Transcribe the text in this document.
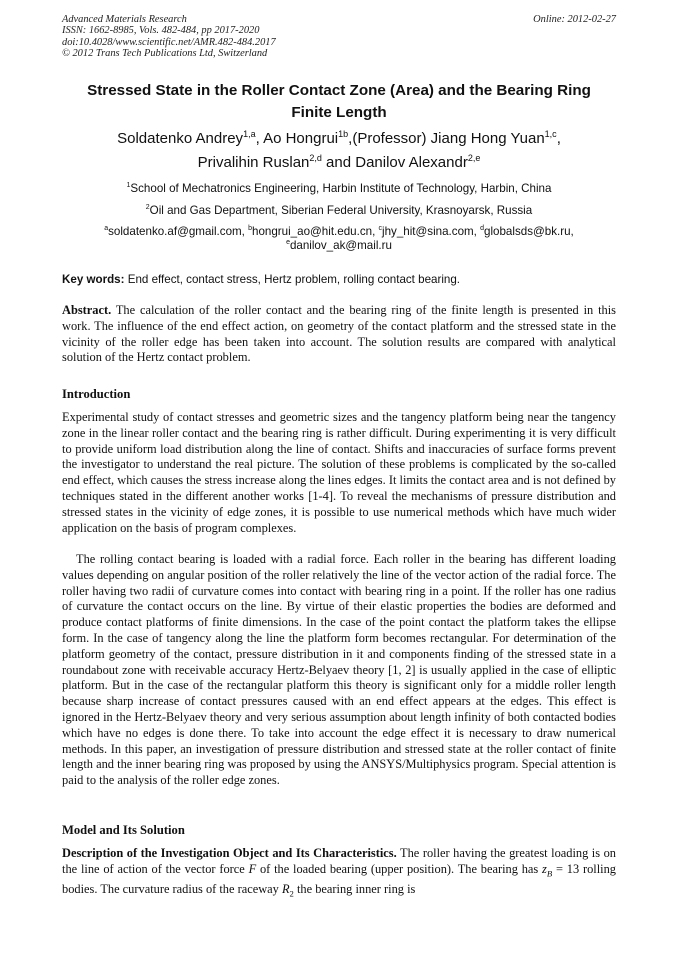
Advanced Materials Research
ISSN: 1662-8985, Vols. 482-484, pp 2017-2020
doi:10.4028/www.scientific.net/AMR.482-484.2017
© 2012 Trans Tech Publications Ltd, Switzerland
Online: 2012-02-27
Stressed State in the Roller Contact Zone (Area) and the Bearing Ring
Finite Length
Soldatenko Andrey$^{1,a}$, Ao Hongrui$^{1b}$,(Professor) Jiang Hong Yuan$^{1,c}$,
Privalihin Ruslan$^{2,d}$ and Danilov Alexandr$^{2,e}$
$^1$School of Mechatronics Engineering, Harbin Institute of Technology, Harbin, China
$^2$Oil and Gas Department, Siberian Federal University, Krasnoyarsk, Russia
$^a$soldatenko.af@gmail.com, $^b$hongrui_ao@hit.edu.cn, $^c$jhy_hit@sina.com, $^d$globalsds@bk.ru,
$^e$danilov_ak@mail.ru
Key words: End effect, contact stress, Hertz problem, rolling contact bearing.
Abstract. The calculation of the roller contact and the bearing ring of the finite length is presented in this work. The influence of the end effect action, on geometry of the contact platform and the stressed state in the vicinity of the roller edge has been taken into account. The solution results are compared with analytical solution of the Hertz contact problem.
Introduction
Experimental study of contact stresses and geometric sizes and the tangency platform being near the tangency zone in the linear roller contact and the bearing ring is rather difficult. During experimenting it is very difficult to provide uniform load distribution along the line of contact. Shifts and inaccuracies of surface forms prevent the investigator to understand the real picture. The solution of these problems is complicated by the so-called end effect, which causes the stress increase along the lines edges. It limits the contact area and is not defined by techniques stated in the different another works [1-4]. To reveal the mechanisms of pressure distribution and stressed states in the vicinity of edge zones, it is possible to use numerical methods which have much wider application on the basis of program complexes.
The rolling contact bearing is loaded with a radial force. Each roller in the bearing has different loading values depending on angular position of the roller relatively the line of the vector action of the radial force. The roller having two radii of curvature comes into contact with bearing ring in a point. If the roller has one radius of curvature the contact occurs on the line. By virtue of their elastic properties the bodies are deformed and produce contact platforms of finite dimensions. In the case of the point contact the platform takes the ellipse form. In the case of tangency along the line the platform form becomes rectangular. For determination of the platform geometry of the contact, pressure distribution in it and components finding of the stressed state in a roundabout zone with receivable accuracy Hertz-Belyaev theory [1, 2] is usually applied in the case of elliptic platform. But in the case of the rectangular platform this theory is significant only for a middle roller length because sharp increase of contact pressures caused with an end effect appears at the edges. This effect is ignored in the Hertz-Belyaev theory and very serious assumption about length infinity of both contacted bodies which have no edges is done there. To take into account the edge effect it is necessary to draw numerical methods. In this paper, an investigation of pressure distribution and stressed state at the roller contact of finite length and the inner bearing ring was proposed by using the ANSYS/Multiphysics program. Special attention is paid to the analysis of the roller edge zones.
Model and Its Solution
Description of the Investigation Object and Its Characteristics. The roller having the greatest loading is on the line of action of the vector force F of the loaded bearing (upper position). The bearing has $z_B = 13$ rolling bodies. The curvature radius of the raceway $R_2$ the bearing inner ring is
